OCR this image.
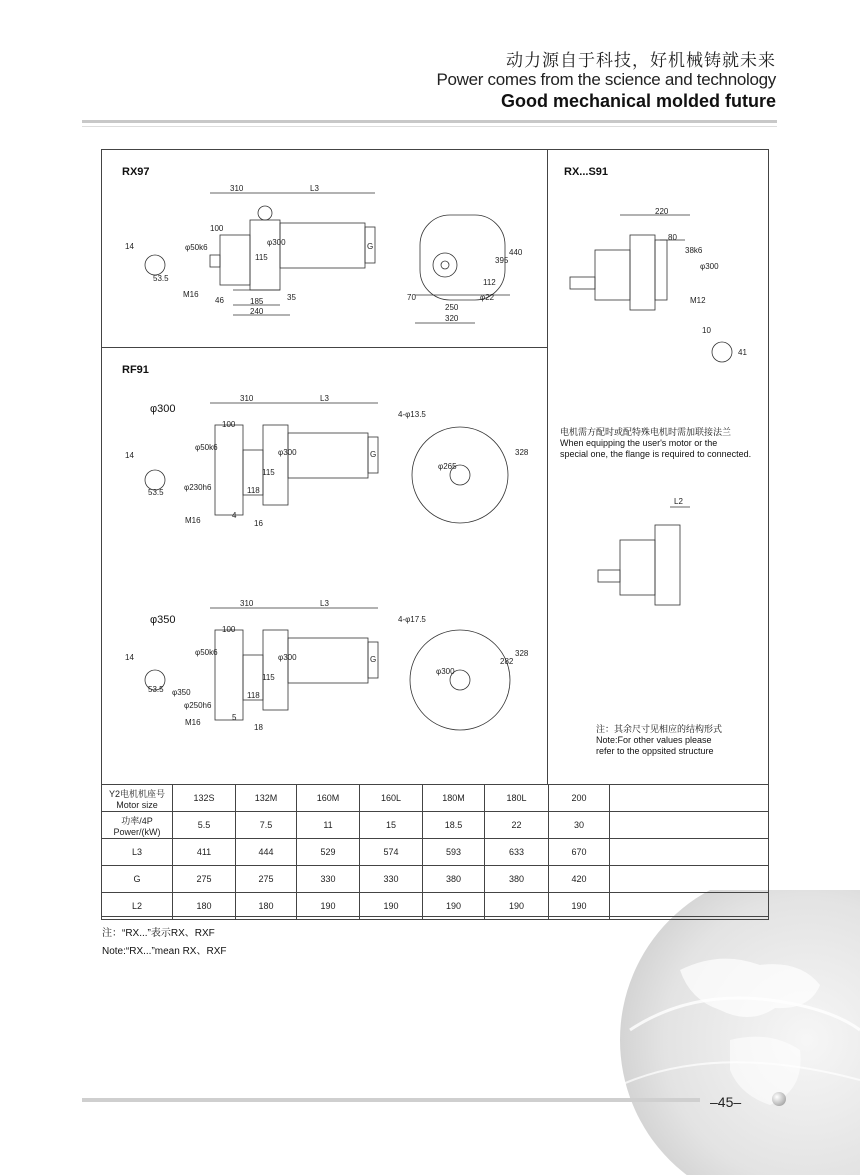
动力源自于科技，好机械铸就未来
Power comes from the science and technology
Good mechanical molded future
RX97	RX...S91
RF91
310	L3
100
φ50k6
φ300
115
G
14
53.5
M16
46	185
240
35
395
440
112
φ22
70
250
320
220
80
38k6
φ300
M12
10
41
310	L3
100
φ50k6
φ300
φ230h6
115
G
14
53.5	118
M16
4
16
4-φ13.5
328
φ265
φ300
电机需方配时或配特殊电机时需加联接法兰
When equipping the user's motor or the
special one, the flange is required to connected.
L2
310	L3
100
φ50k6
φ300
φ350
φ250h6
115
G
14
53.5
118
M16
5
18
4-φ17.5
282
328
φ300
φ350
注：其余尺寸见相应的结构形式
Note:For other values please
refer to the oppsited structure
Y2电机机座号
Motor size	132S	132M	160M	160L	180M	180L	200	

功率/4P
Power/(kW)	5.5	7.5	11	15	18.5	22	30	
L3	411	444	529	574	593	633	670	
G	275	275	330	330	380	380	420	
L2	180	180	190	190	190	190	190	
注：“RX...”表示RX、RXF
Note:“RX...”mean RX、RXF
–45–
